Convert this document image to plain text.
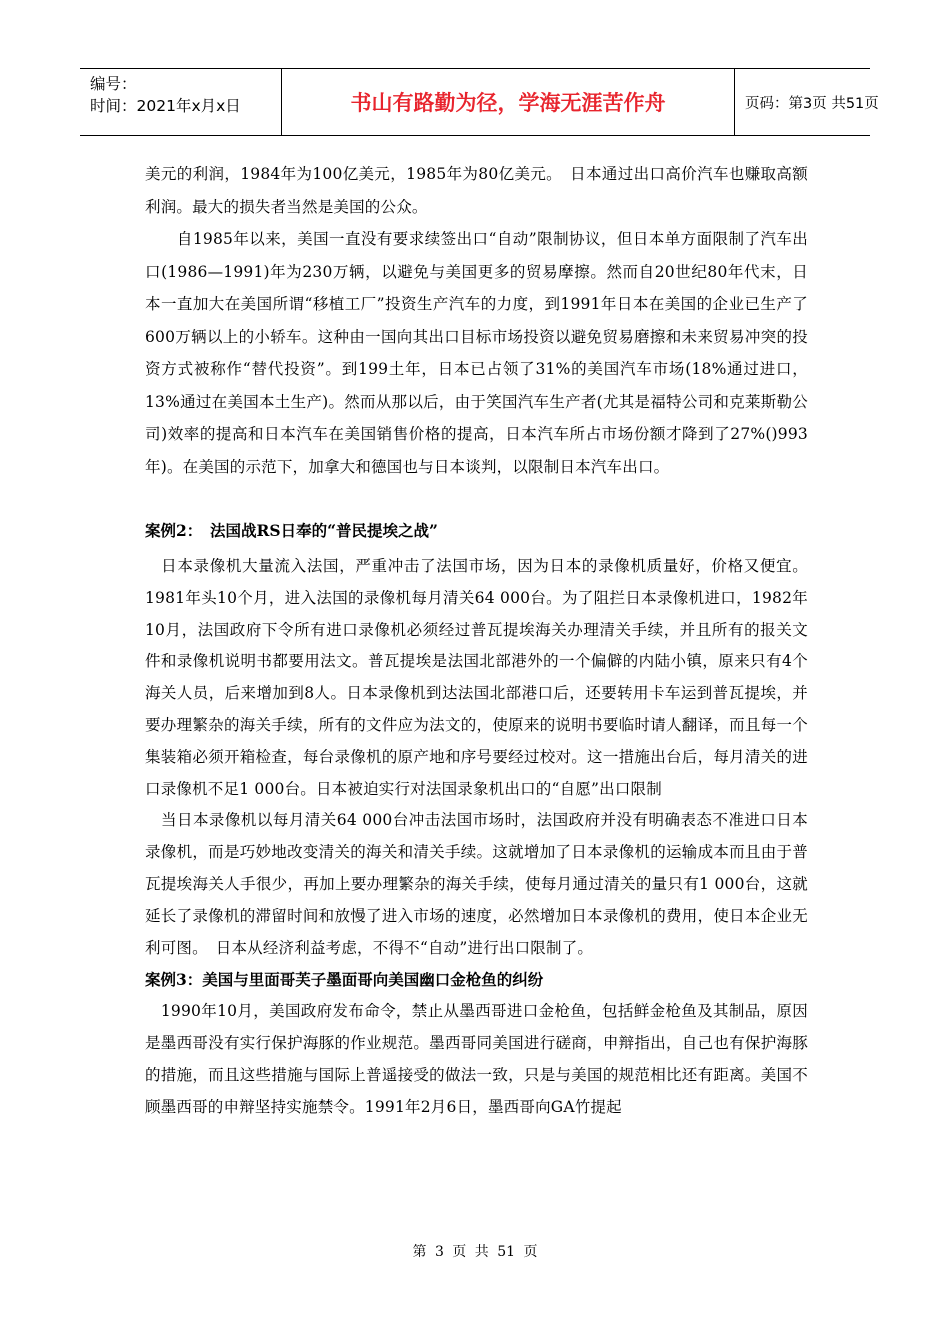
编号：
时间：2021年x月x日	书山有路勤为径，学海无涯苦作舟	页码：第3页 共51页

美元的利润，1984年为100亿美元，1985年为80亿美元。　日本通过出口高价汽车也赚取高额利润。最大的损失者当然是美国的公众。

　　自1985年以来，美国一直没有要求续签出口“自动”限制协议，但日本单方面限制了汽车出口(1986—1991)年为230万辆，以避免与美国更多的贸易摩擦。然而自20世纪80年代末，日本一直加大在美国所谓“移植工厂”投资生产汽车的力度，到1991年日本在美国的企业已生产了600万辆以上的小轿车。这种由一国向其出口目标市场投资以避免贸易磨擦和未来贸易冲突的投资方式被称作“替代投资”。到199土年，日本已占领了31%的美国汽车市场(18%通过进口，13%通过在美国本土生产)。然而从那以后，由于笑国汽车生产者(尤其是福特公司和克莱斯勒公司)效率的提高和日本汽车在美国销售价格的提高，日本汽车所占市场份额才降到了27%()993年)。在美国的示范下，加拿大和德国也与日本谈判，以限制日本汽车出口。

案例2：　法国战RS日奉的“普民提埃之战”

　日本录像机大量流入法国，严重冲击了法国市场，因为日本的录像机质量好，价格又便宜。1981年头10个月，进入法国的录像机每月清关64 000台。为了阻拦日本录像机进口，1982年10月，法国政府下令所有进口录像机必须经过普瓦提埃海关办理清关手续，并且所有的报关文件和录像机说明书都要用法文。普瓦提埃是法国北部港外的一个偏僻的内陆小镇，原来只有4个海关人员，后来增加到8人。日本录像机到达法国北部港口后，还要转用卡车运到普瓦提埃，并要办理繁杂的海关手续，所有的文件应为法文的，使原来的说明书要临时请人翻译，而且每一个集装箱必须开箱检查，每台录像机的原产地和序号要经过校对。这一措施出台后，每月清关的进口录像机不足1 000台。日本被迫实行对法国录象机出口的“自愿”出口限制

　当日本录像机以每月清关64 000台冲击法国市场时，法国政府并没有明确表态不准进口日本录像机，而是巧妙地改变清关的海关和清关手续。这就增加了日本录像机的运输成本而且由于普瓦提埃海关人手很少，再加上要办理繁杂的海关手续，使每月通过清关的量只有1 000台，这就延长了录像机的滞留时间和放慢了进入市场的速度，必然增加日本录像机的费用，使日本企业无利可图。　日本从经济利益考虑，不得不“自动”进行出口限制了。

案例3：美国与里面哥芙子墨面哥向美国幽口金枪鱼的纠纷

　1990年10月，美国政府发布命令，禁止从墨西哥进口金枪鱼，包括鲜金枪鱼及其制品，原因是墨西哥没有实行保护海豚的作业规范。墨西哥同美国进行磋商，申辩指出，自己也有保护海豚的措施，而且这些措施与国际上普遥接受的做法一致，只是与美国的规范相比还有距离。美国不顾墨西哥的申辩坚持实施禁令。1991年2月6日，墨西哥向GA竹提起

第 3 页 共 51 页
